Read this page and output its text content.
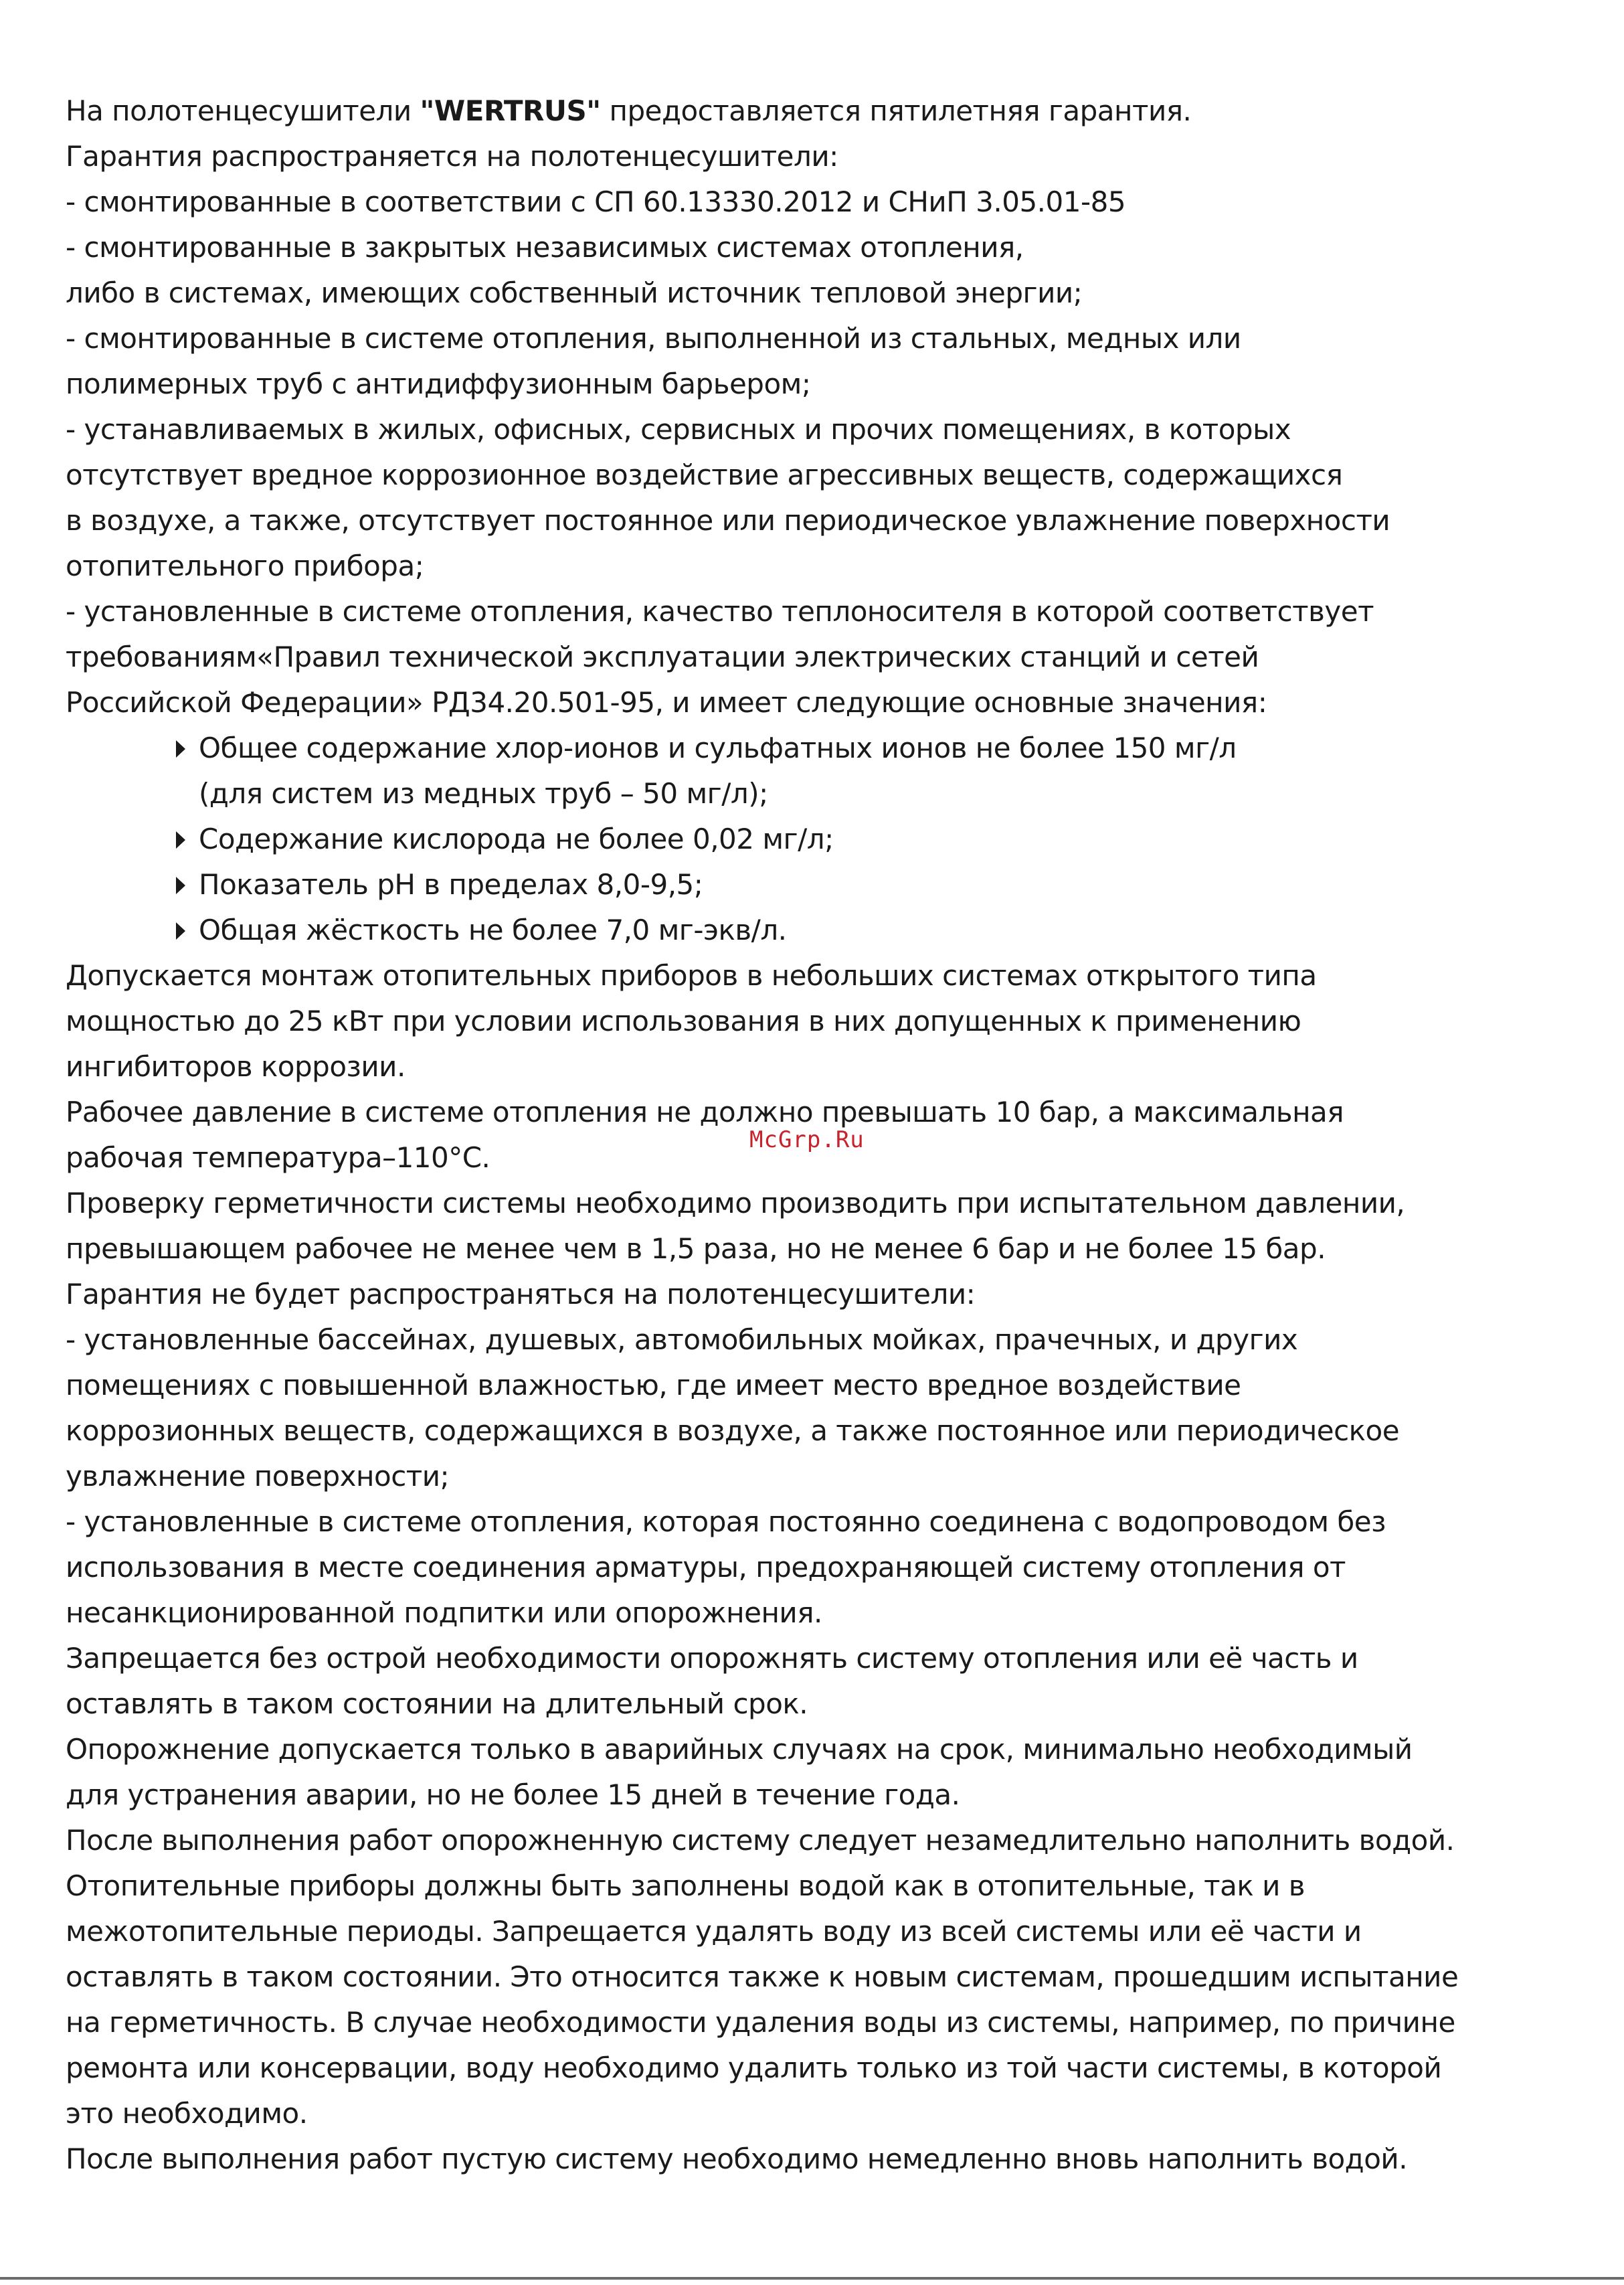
На полотенцесушители "WERTRUS" предоставляется пятилетняя гарантия.
Гарантия распространяется на полотенцесушители:
- смонтированные в соответствии с СП 60.13330.2012 и СНиП 3.05.01-85
- смонтированные в закрытых независимых системах отопления,
либо в системах, имеющих собственный источник тепловой энергии;
- смонтированные в системе отопления, выполненной из стальных, медных или
полимерных труб с антидиффузионным барьером;
- устанавливаемых в жилых, офисных, сервисных и прочих помещениях, в которых
отсутствует вредное коррозионное воздействие агрессивных веществ, содержащихся
в воздухе, а также, отсутствует постоянное или периодическое увлажнение поверхности
отопительного прибора;
- установленные в системе отопления, качество теплоносителя в которой соответствует
требованиям«Правил технической эксплуатации электрических станций и сетей
Российской Федерации» РД34.20.501-95, и имеет следующие основные значения:
Общее содержание хлор-ионов и сульфатных ионов не более 150 мг/л
(для систем из медных труб – 50 мг/л);
Содержание кислорода не более 0,02 мг/л;
Показатель pH в пределах 8,0-9,5;
Общая жёсткость не более 7,0 мг-экв/л.
Допускается монтаж отопительных приборов в небольших системах открытого типа
мощностью до 25 кВт при условии использования в них допущенных к применению
ингибиторов коррозии.
Рабочее давление в системе отопления не должно превышать 10 бар, а максимальная
рабочая температура–110°С.
Проверку герметичности системы необходимо производить при испытательном давлении,
превышающем рабочее не менее чем в 1,5 раза, но не менее 6 бар и не более 15 бар.
Гарантия не будет распространяться на полотенцесушители:
- установленные бассейнах, душевых, автомобильных мойках, прачечных, и других
помещениях с повышенной влажностью, где имеет место вредное воздействие
коррозионных веществ, содержащихся в воздухе, а также постоянное или периодическое
увлажнение поверхности;
- установленные в системе отопления, которая постоянно соединена с водопроводом без
использования в месте соединения арматуры, предохраняющей систему отопления от
несанкционированной подпитки или опорожнения.
Запрещается без острой необходимости опорожнять систему отопления или её часть и
оставлять в таком состоянии на длительный срок.
Опорожнение допускается только в аварийных случаях на срок, минимально необходимый
для устранения аварии, но не более 15 дней в течение года.
После выполнения работ опорожненную систему следует незамедлительно наполнить водой.
Отопительные приборы должны быть заполнены водой как в отопительные, так и в
межотопительные периоды. Запрещается удалять воду из всей системы или её части и
оставлять в таком состоянии. Это относится также к новым системам, прошедшим испытание
на герметичность. В случае необходимости удаления воды из системы, например, по причине
ремонта или консервации, воду необходимо удалить только из той части системы, в которой
это необходимо.
После выполнения работ пустую систему необходимо немедленно вновь наполнить водой.
McGrp.Ru
